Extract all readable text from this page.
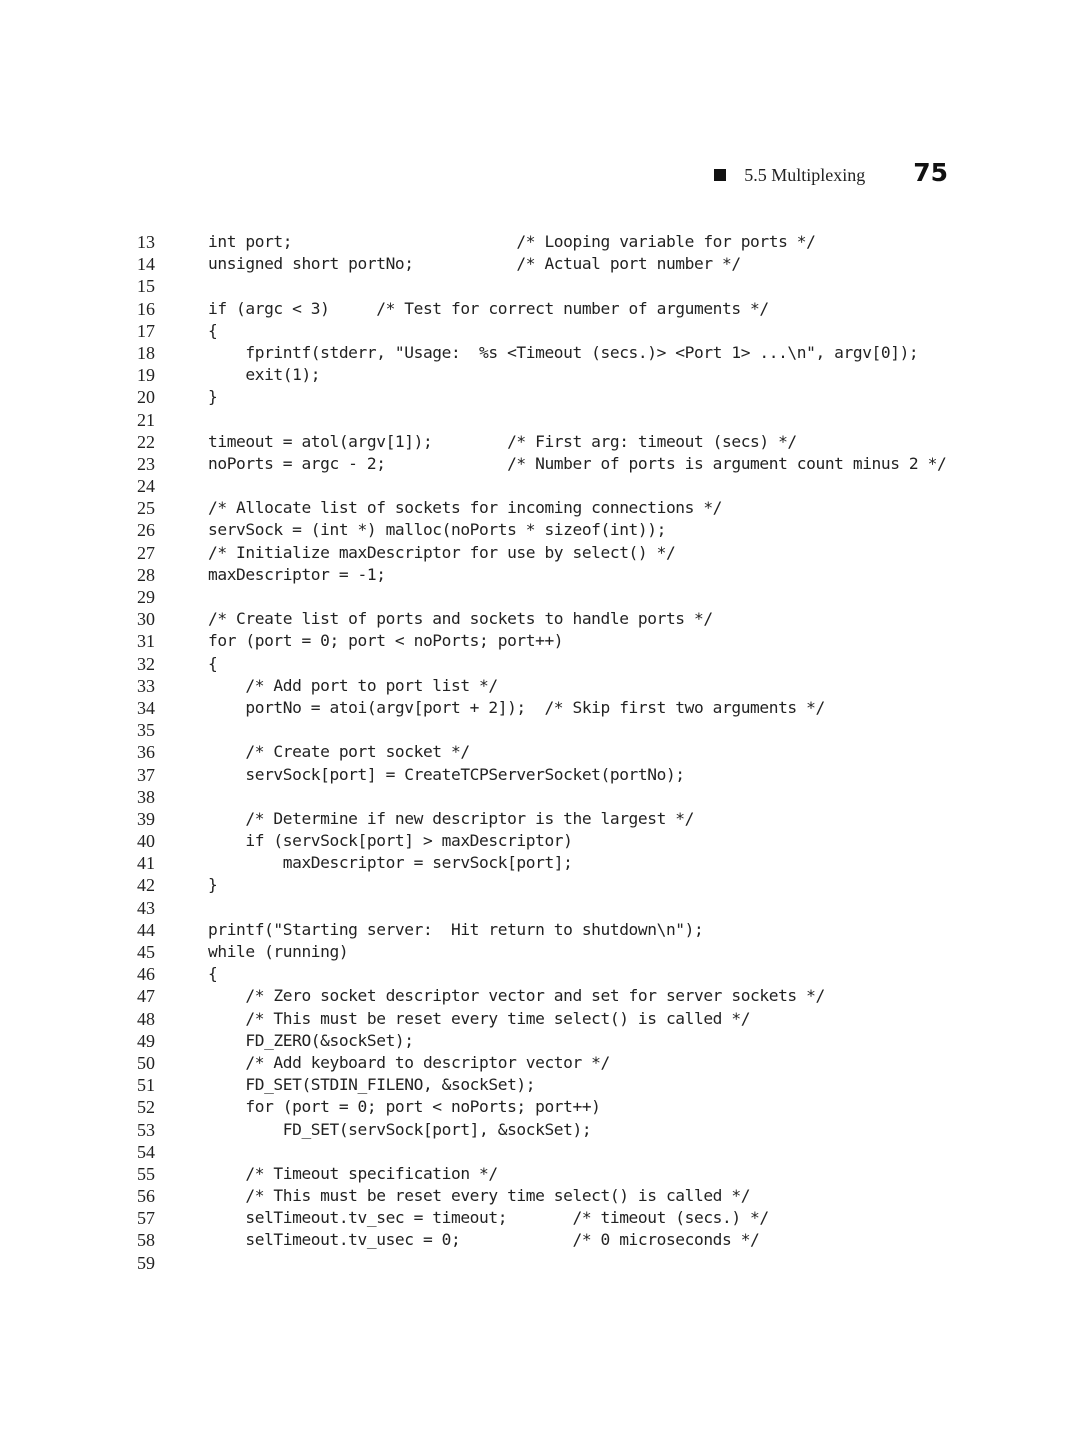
5.5 Multiplexing 75
13	int port;                        /* Looping variable for ports */
14	unsigned short portNo;           /* Actual port number */
15
16	if (argc < 3)     /* Test for correct number of arguments */
17	{
18	fprintf(stderr, "Usage:  %s <Timeout (secs.)> <Port 1> ...\n", argv[0]);
19	exit(1);
20	}
21
22	timeout = atol(argv[1]);        /* First arg: timeout (secs) */
23	noPorts = argc - 2;             /* Number of ports is argument count minus 2 */
24
25	/* Allocate list of sockets for incoming connections */
26	servSock = (int *) malloc(noPorts * sizeof(int));
27	/* Initialize maxDescriptor for use by select() */
28	maxDescriptor = -1;
29
30	/* Create list of ports and sockets to handle ports */
31	for (port = 0; port < noPorts; port++)
32	{
33	/* Add port to port list */
34	portNo = atoi(argv[port + 2]);  /* Skip first two arguments */
35
36	/* Create port socket */
37	servSock[port] = CreateTCPServerSocket(portNo);
38
39	/* Determine if new descriptor is the largest */
40	if (servSock[port] > maxDescriptor)
41	maxDescriptor = servSock[port];
42	}
43
44	printf("Starting server:  Hit return to shutdown\n");
45	while (running)
46	{
47	/* Zero socket descriptor vector and set for server sockets */
48	/* This must be reset every time select() is called */
49	FD_ZERO(&sockSet);
50	/* Add keyboard to descriptor vector */
51	FD_SET(STDIN_FILENO, &sockSet);
52	for (port = 0; port < noPorts; port++)
53	FD_SET(servSock[port], &sockSet);
54
55	/* Timeout specification */
56	/* This must be reset every time select() is called */
57	selTimeout.tv_sec = timeout;       /* timeout (secs.) */
58	selTimeout.tv_usec = 0;            /* 0 microseconds */
59
